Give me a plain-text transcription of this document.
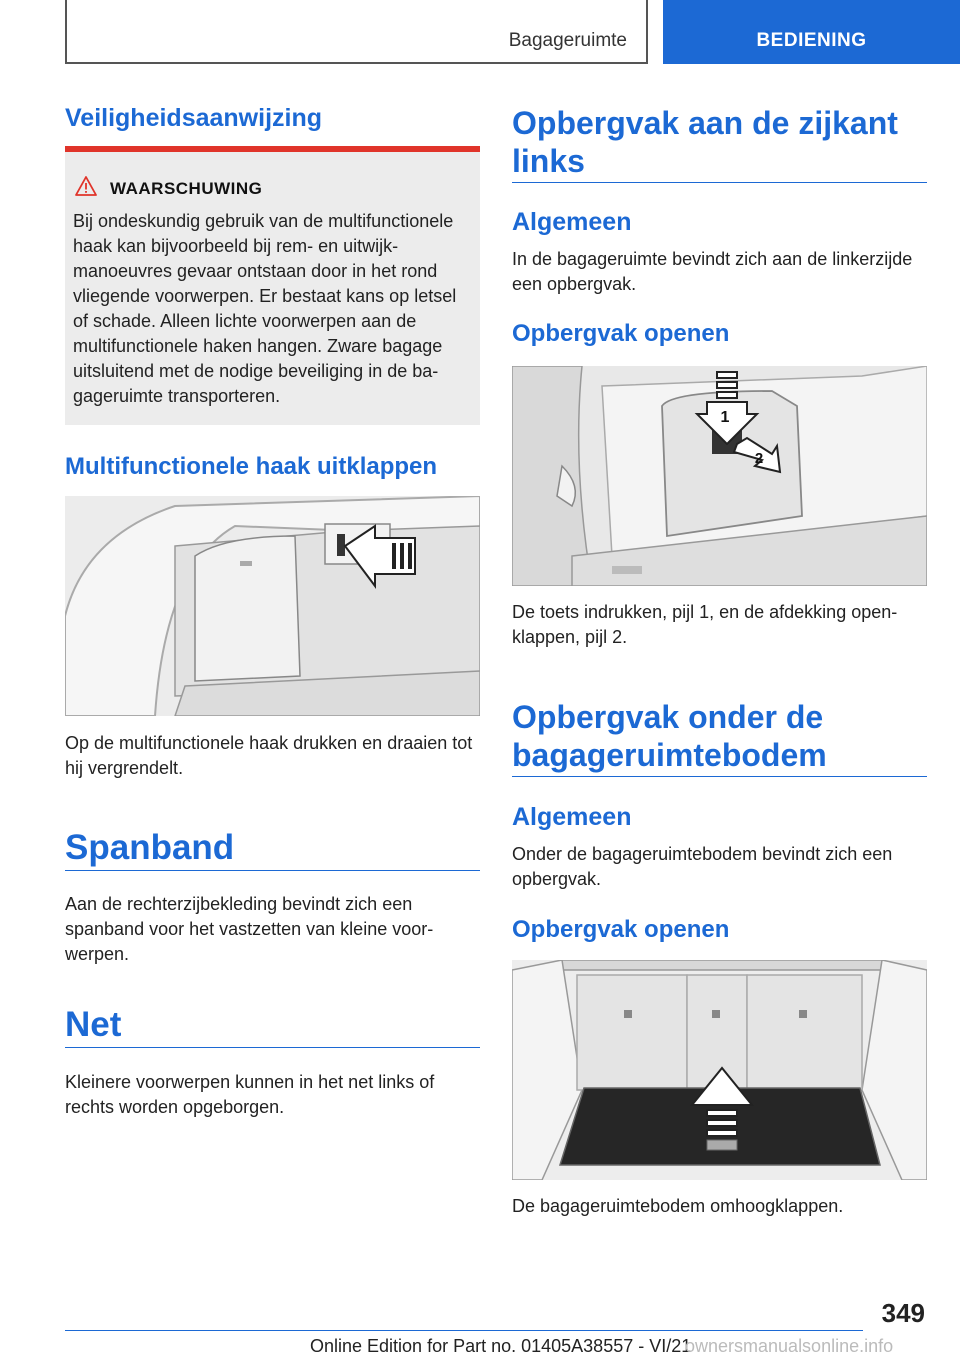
Bagageruimte	BEDIENING
Veiligheidsaanwijzing
WAARSCHUWING
Bij ondeskundig gebruik van de multifunctionele haak kan bijvoorbeeld bij rem- en uitwijkmanoeuvres gevaar ontstaan door in het rond vliegende voorwerpen. Er bestaat kans op letsel of schade. Alleen lichte voorwerpen aan de multifunctionele haken hangen. Zware bagage uitsluitend met de nodige beveiliging in de bagageruimte transporteren.
Multifunctionele haak uitklappen
Op de multifunctionele haak drukken en draaien tot hij vergrendelt.
Spanband
Aan de rechterzijbekleding bevindt zich een spanband voor het vastzetten van kleine voorwerpen.
Net
Kleinere voorwerpen kunnen in het net links of rechts worden opgeborgen.
Opbergvak aan de zijkant links
Algemeen
In de bagageruimte bevindt zich aan de linkerzijde een opbergvak.
Opbergvak openen
1
2
De toets indrukken, pijl 1, en de afdekking openklappen, pijl 2.
Opbergvak onder de bagageruimtebodem
Algemeen
Onder de bagageruimtebodem bevindt zich een opbergvak.
Opbergvak openen
De bagageruimtebodem omhoogklappen.
349
Online Edition for Part no. 01405A38557 - VI/21
ownersmanualsonline.info
